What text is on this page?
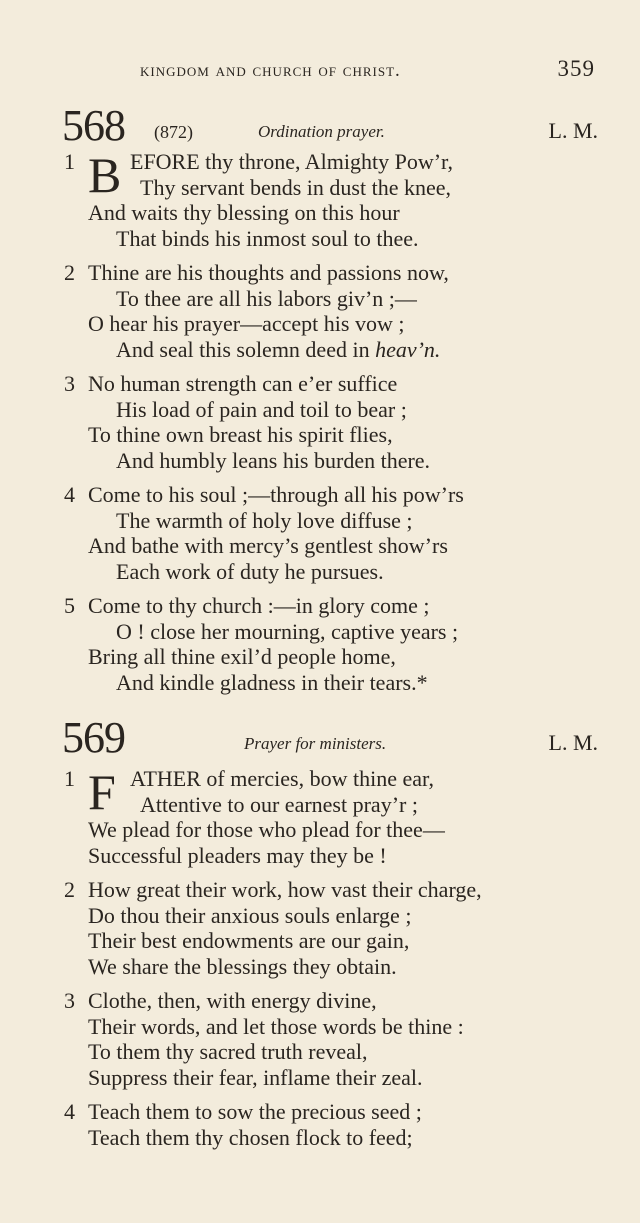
kingdom and church of christ.	359
568 (872)	Ordination prayer.	L. M.
1 B EFORE thy throne, Almighty Pow’r,
Thy servant bends in dust the knee,
And waits thy blessing on this hour
That binds his inmost soul to thee.
2 Thine are his thoughts and passions now,
To thee are all his labors giv’n ;—
O hear his prayer—accept his vow ;
And seal this solemn deed in heav’n.
3 No human strength can e’er suffice
His load of pain and toil to bear ;
To thine own breast his spirit flies,
And humbly leans his burden there.
4 Come to his soul ;—through all his pow’rs
The warmth of holy love diffuse ;
And bathe with mercy’s gentlest show’rs
Each work of duty he pursues.
5 Come to thy church :—in glory come ;
O ! close her mourning, captive years ;
Bring all thine exil’d people home,
And kindle gladness in their tears.*
569	Prayer for ministers.	L. M.
1 F ATHER of mercies, bow thine ear,
Attentive to our earnest pray’r ;
We plead for those who plead for thee—
Successful pleaders may they be !
2 How great their work, how vast their charge,
Do thou their anxious souls enlarge ;
Their best endowments are our gain,
We share the blessings they obtain.
3 Clothe, then, with energy divine,
Their words, and let those words be thine :
To them thy sacred truth reveal,
Suppress their fear, inflame their zeal.
4 Teach them to sow the precious seed ;
Teach them thy chosen flock to feed;
